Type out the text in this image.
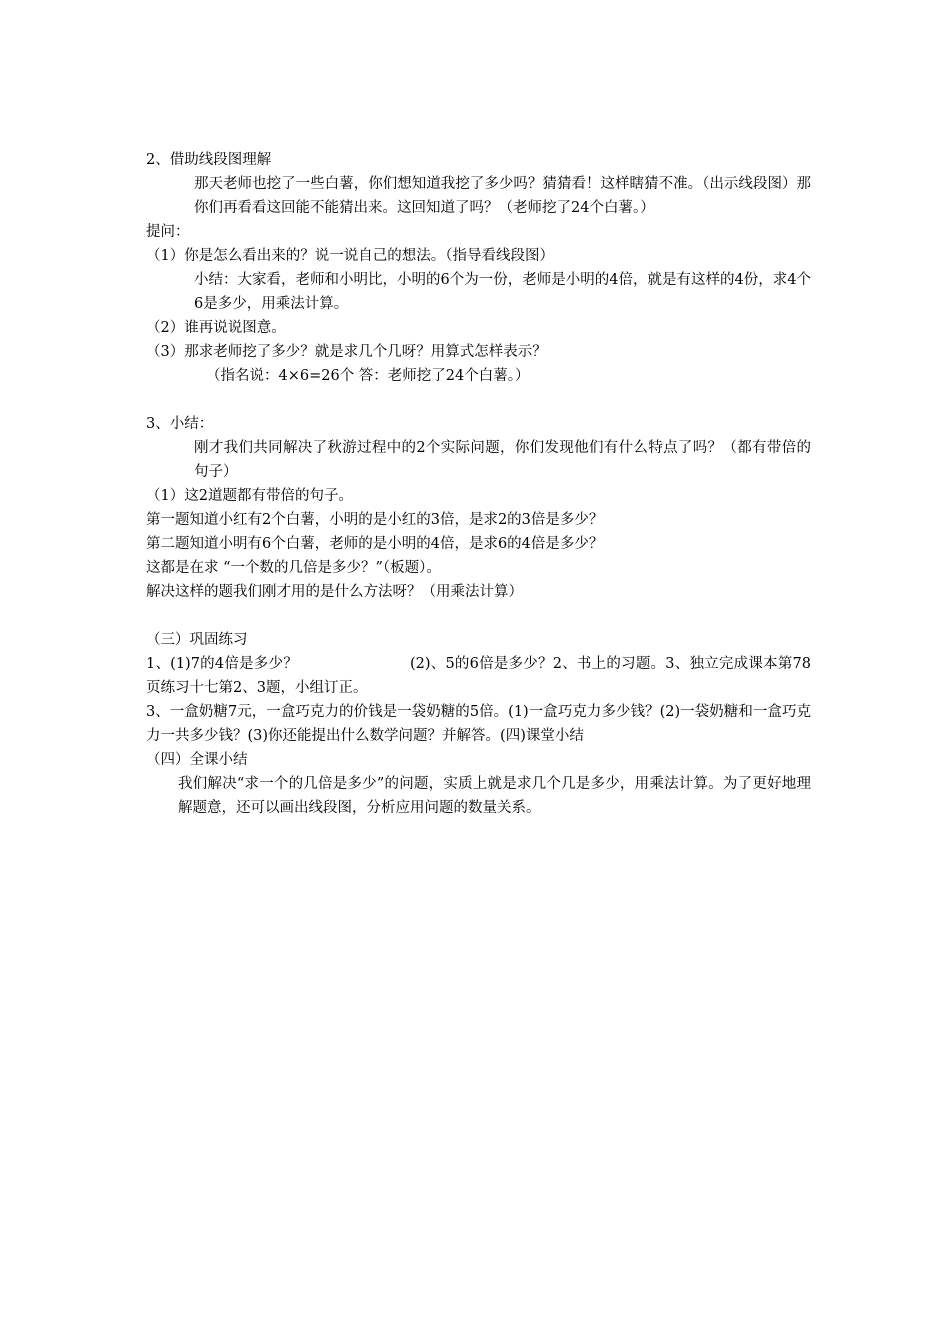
2、借助线段图理解
那天老师也挖了一些白薯，你们想知道我挖了多少吗？猜猜看！这样瞎猜不准。（出示线段图）那你们再看看这回能不能猜出来。这回知道了吗？（老师挖了24个白薯。）
提问：
（1）你是怎么看出来的？说一说自己的想法。（指导看线段图）
小结：大家看，老师和小明比，小明的6个为一份，老师是小明的4倍，就是有这样的4份，求4个6是多少，用乘法计算。
（2）谁再说说图意。
（3）那求老师挖了多少？就是求几个几呀？用算式怎样表示？
（指名说：4×6=26个 答：老师挖了24个白薯。）
3、小结：
刚才我们共同解决了秋游过程中的2个实际问题，你们发现他们有什么特点了吗？（都有带倍的句子）
（1）这2道题都有带倍的句子。
第一题知道小红有2个白薯，小明的是小红的3倍，是求2的3倍是多少？
第二题知道小明有6个白薯，老师的是小明的4倍，是求6的4倍是多少？
这都是在求 “一个数的几倍是多少？”（板题）。
解决这样的题我们刚才用的是什么方法呀？（用乘法计算）
（三）巩固练习
1、(1)7的4倍是多少？	(2)、5的6倍是多少？2、书上的习题。3、独立完成课本第78页练习十七第2、3题，小组订正。
3、一盒奶糖7元，一盒巧克力的价钱是一袋奶糖的5倍。(1)一盒巧克力多少钱？(2)一袋奶糖和一盒巧克力一共多少钱？(3)你还能提出什么数学问题？并解答。(四)课堂小结
（四）全课小结
我们解决“求一个的几倍是多少”的问题，实质上就是求几个几是多少，用乘法计算。为了更好地理解题意，还可以画出线段图，分析应用问题的数量关系。
